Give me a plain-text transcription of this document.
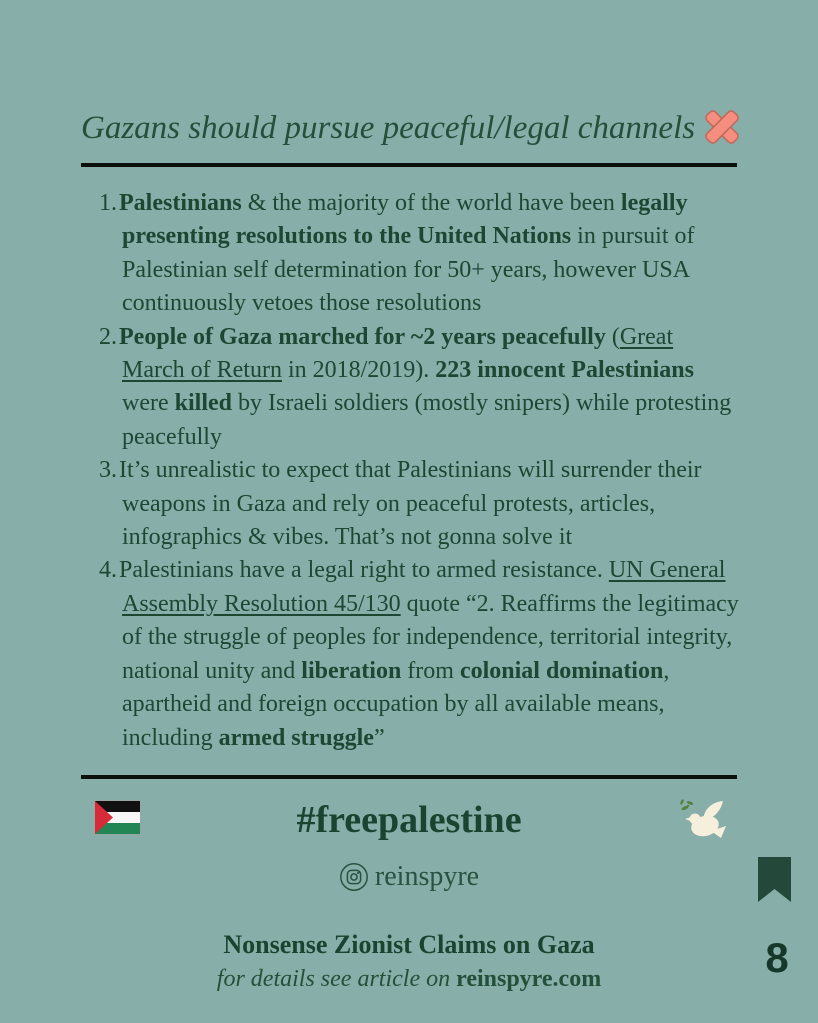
Gazans should pursue peaceful/legal channels
1.Palestinians & the majority of the world have been legally presenting resolutions to the United Nations in pursuit of Palestinian self determination for 50+ years, however USA continuously vetoes those resolutions
2.People of Gaza marched for ~2 years peacefully (Great March of Return in 2018/2019). 223 innocent Palestinians were killed by Israeli soldiers (mostly snipers) while protesting peacefully
3.It’s unrealistic to expect that Palestinians will surrender their weapons in Gaza and rely on peaceful protests, articles, infographics & vibes. That’s not gonna solve it
4.Palestinians have a legal right to armed resistance. UN General Assembly Resolution 45/130 quote “2. Reaffirms the legitimacy of the struggle of peoples for independence, territorial integrity, national unity and liberation from colonial domination, apartheid and foreign occupation by all available means, including armed struggle”
#freepalestine
reinspyre
Nonsense Zionist Claims on Gaza
for details see article on reinspyre.com	8
